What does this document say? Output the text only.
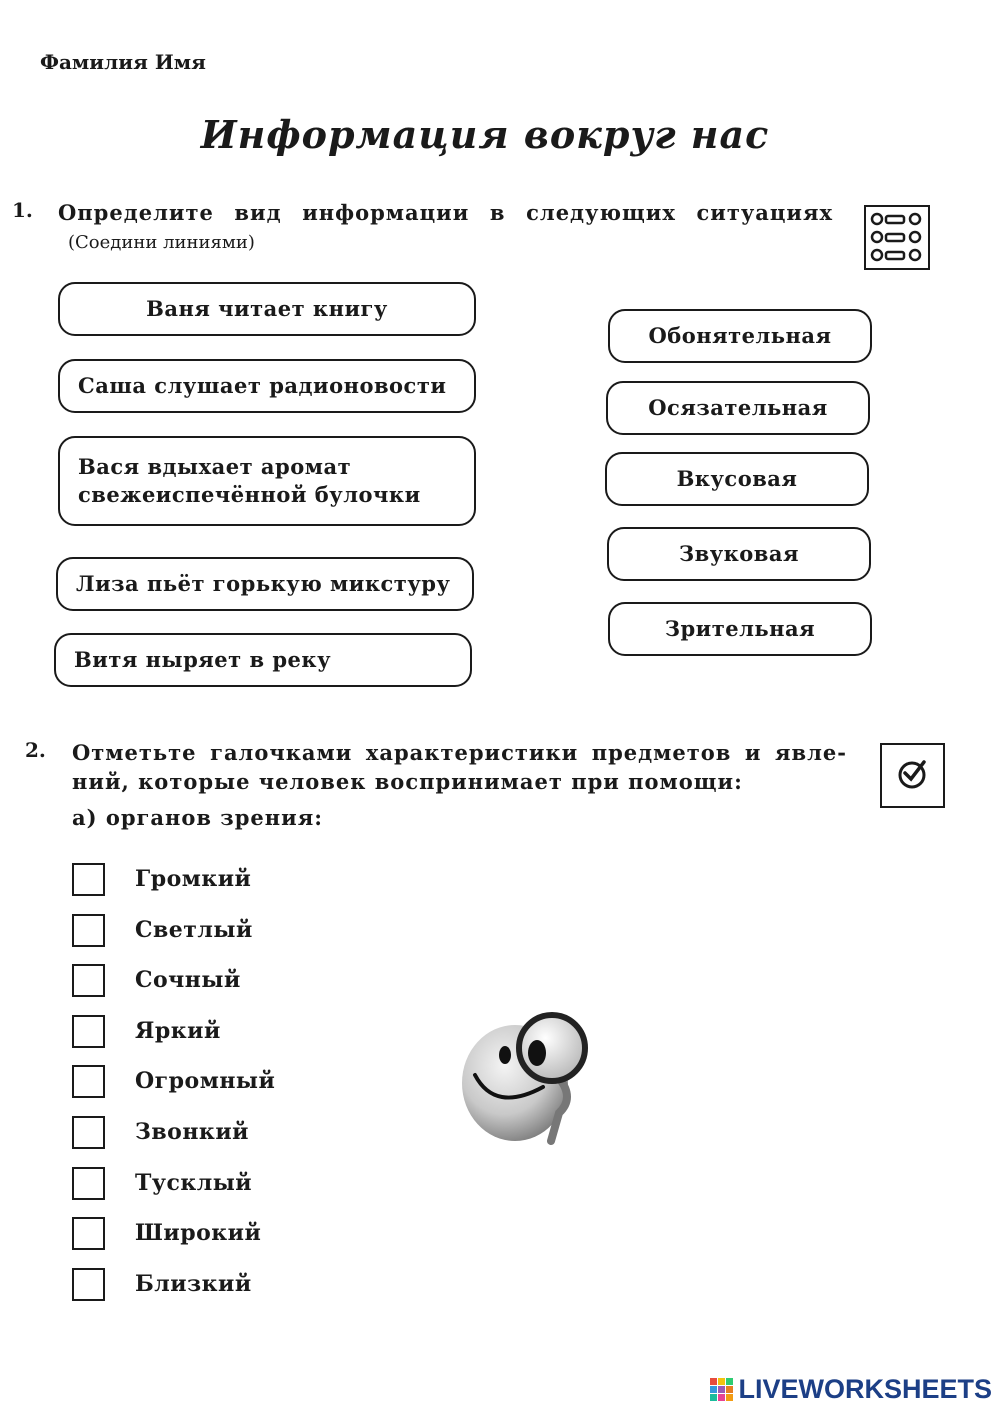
Фамилия Имя
Информация вокруг нас
1. Определите вид информации в следующих ситуациях
(Соедини линиями)
Ваня читает книгу
Саша слушает радионовости
Вася вдыхает аромат
свежеиспечённой булочки
Лиза пьёт горькую микстуру
Витя ныряет в реку
Обонятельная
Осязательная
Вкусовая
Звуковая
Зрительная
2. Отметьте галочками характеристики предметов и явле-
ний, которые человек воспринимает при помощи:
а) органов зрения:
Громкий
Светлый
Сочный
Яркий
Огромный
Звонкий
Тусклый
Широкий
Близкий
LIVEWORKSHEETS
